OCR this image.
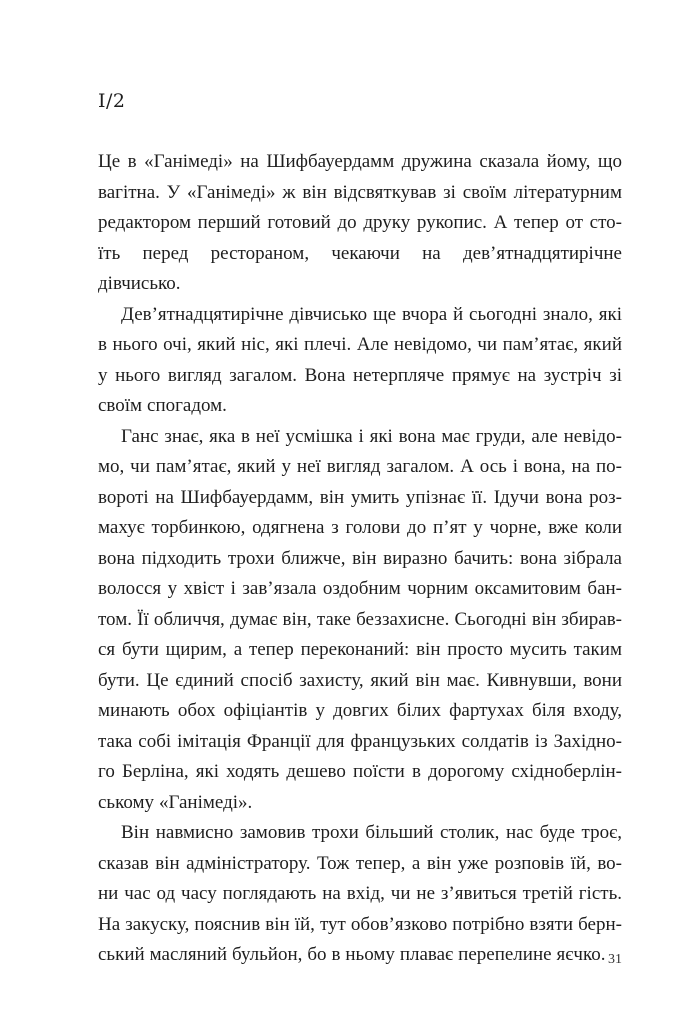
I/2

Це в «Ганімеді» на Шифбауердамм дружина сказала йому, що

вагітна. У «Ганімеді» ж він відсвяткував зі своїм літературним

редактором перший готовий до друку рукопис. А тепер от сто-

їть перед рестораном, чекаючи на дев’ятнадцятирічне дівчисько.

Дев’ятнадцятирічне дівчисько ще вчора й сьогодні знало, які

в нього очі, який ніс, які плечі. Але невідомо, чи пам’ятає, який

у нього вигляд загалом. Вона нетерпляче прямує на зустріч зі

своїм спогадом.

Ганс знає, яка в неї усмішка і які вона має груди, але невідо-

мо, чи пам’ятає, який у неї вигляд загалом. А ось і вона, на по-

вороті на Шифбауердамм, він умить упізнає її. Ідучи вона роз-

махує торбинкою, одягнена з голови до п’ят у чорне, вже коли

вона підходить трохи ближче, він виразно бачить: вона зібрала

волосся у хвіст і зав’язала оздобним чорним оксамитовим бан-

том. Її обличчя, думає він, таке беззахисне. Сьогодні він збирав-

ся бути щирим, а тепер переконаний: він просто мусить таким

бути. Це єдиний спосіб захисту, який він має. Кивнувши, вони

минають обох офіціантів у довгих білих фартухах біля входу,

така собі імітація Франції для французьких солдатів із Західно-

го Берліна, які ходять дешево поїсти в дорогому східноберлін-

ському «Ганімеді».

Він навмисно замовив трохи більший столик, нас буде троє,

сказав він адміністратору. Тож тепер, а він уже розповів їй, во-

ни час од часу поглядають на вхід, чи не з’явиться третій гість.

На закуску, пояснив він їй, тут обов’язково потрібно взяти берн-

ський масляний бульйон, бо в ньому плаває перепелине яєчко. 31
